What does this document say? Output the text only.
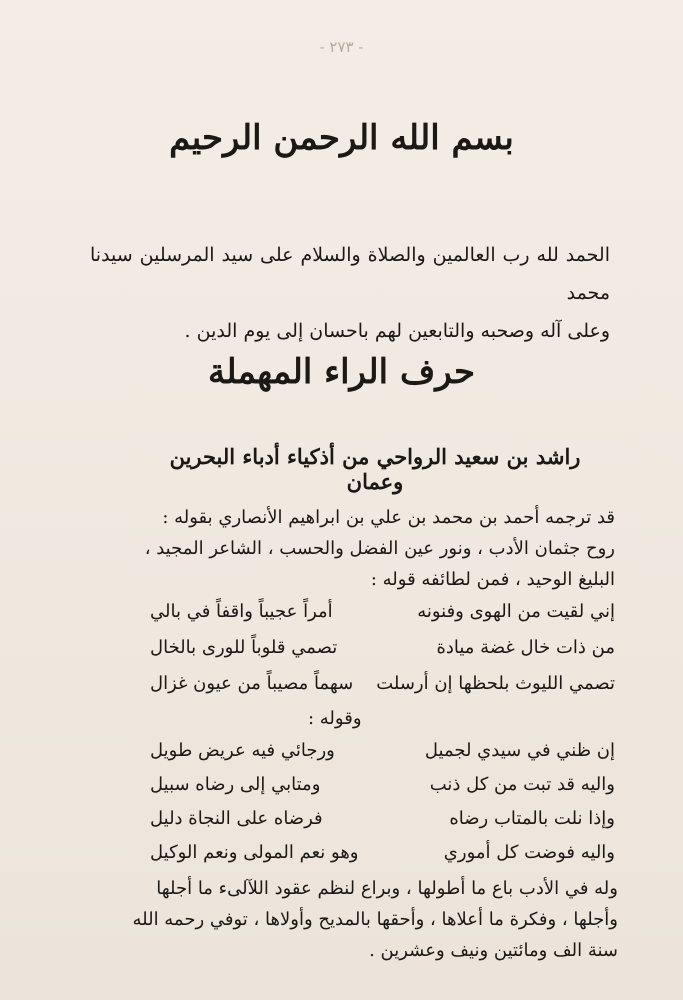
- ٢٧٣ -
بسم الله الرحمن الرحيم
الحمد لله رب العالمين والصلاة والسلام على سيد المرسلين سيدنا محمد
وعلى آله وصحبه والتابعين لهم باحسان إلى يوم الدين .
حرف الراء المهملة
راشد بن سعيد الرواحي من أذكياء أدباء البحرين وعمان
قد ترجمه أحمد بن محمد بن علي بن ابراهيم الأنصاري بقوله :
روح جثمان الأدب ، ونور عين الفضل والحسب ، الشاعر المجيد ،
البليغ الوحيد ، فمن لطائفه قوله :
إني لقيت من الهوى وفنونه
أمراً عجيباً واقفاً في بالي
من ذات خال غضة ميادة
تصمي قلوباً للورى بالخال
تصمي الليوث بلحظها إن أرسلت
سهماً مصيباً من عيون غزال
وقوله :
إن ظني في سيدي لجميل
ورجائي فيه عريض طويل
واليه قد تبت من كل ذنب
ومتابي إلى رضاه سبيل
وإذا نلت بالمتاب رضاه
فرضاه على النجاة دليل
واليه فوضت كل أموري
وهو نعم المولى ونعم الوكيل
وله في الأدب باع ما أطولها ، وبراع لنظم عقود اللآلىء ما أجلها
وأجلها ، وفكرة ما أعلاها ، وأحقها بالمديح وأولاها ، توفي رحمه الله
سنة الف ومائتين ونيف وعشرين .
